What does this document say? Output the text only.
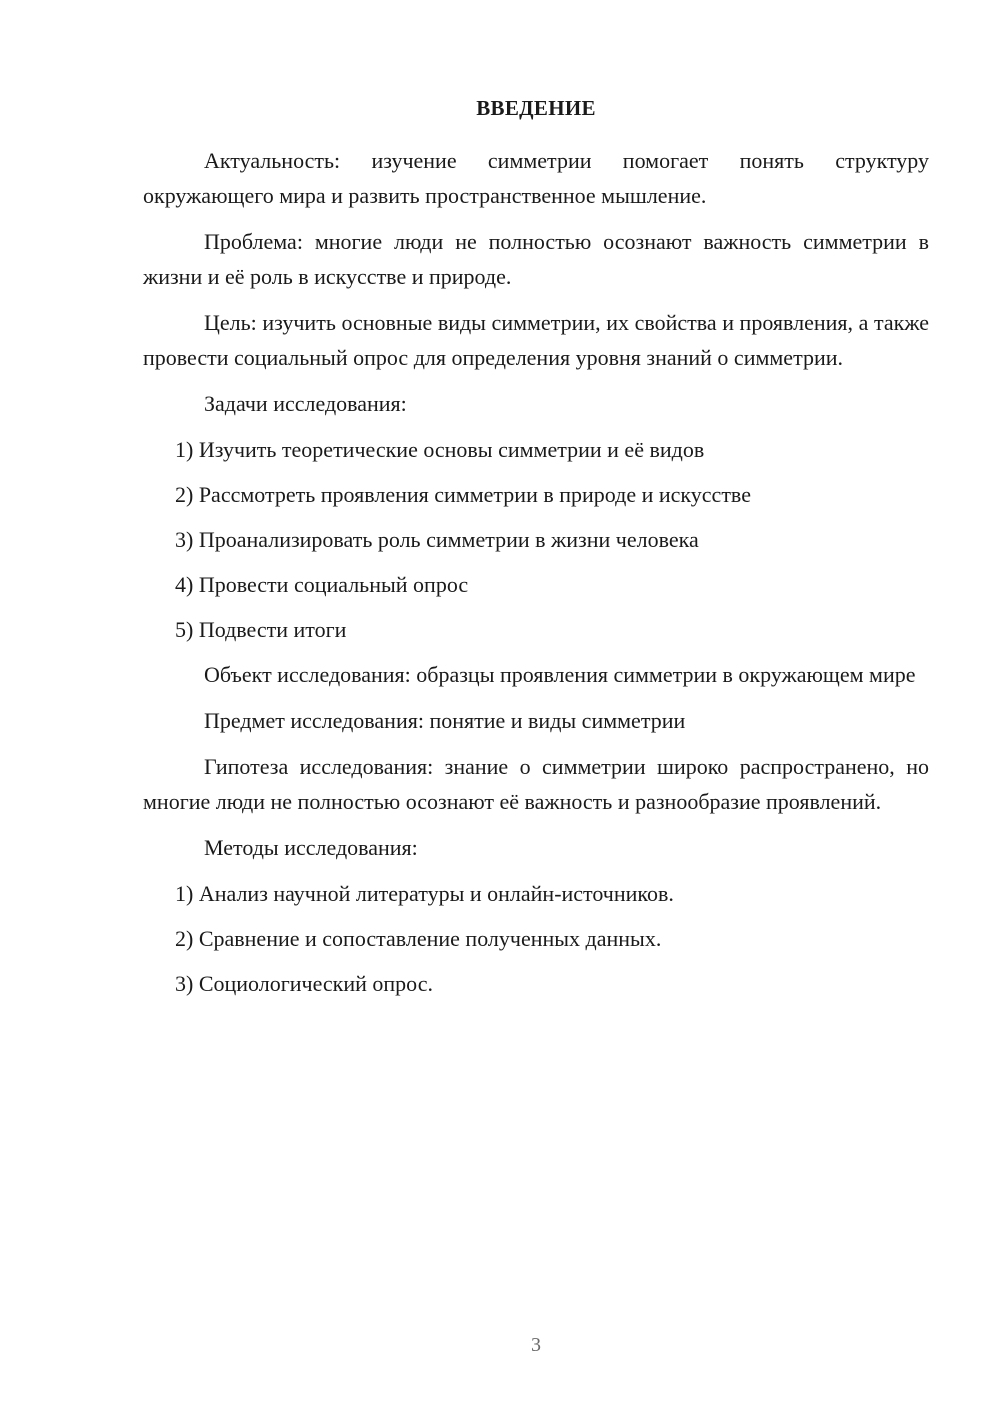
ВВЕДЕНИЕ

Актуальность: изучение симметрии помогает понять структуру окружающего мира и развить пространственное мышление.

Проблема: многие люди не полностью осознают важность симметрии в жизни и её роль в искусстве и природе.

Цель: изучить основные виды симметрии, их свойства и проявления, а также провести социальный опрос для определения уровня знаний о симметрии.

Задачи исследования:

1) Изучить теоретические основы симметрии и её видов

2) Рассмотреть проявления симметрии в природе и искусстве

3) Проанализировать роль симметрии в жизни человека

4) Провести социальный опрос

5) Подвести итоги

Объект исследования: образцы проявления симметрии в окружающем мире

Предмет исследования: понятие и виды симметрии

Гипотеза исследования: знание о симметрии широко распространено, но многие люди не полностью осознают её важность и разнообразие проявлений.

Методы исследования:

1) Анализ научной литературы и онлайн-источников.

2) Сравнение и сопоставление полученных данных.

3) Социологический опрос.

3
